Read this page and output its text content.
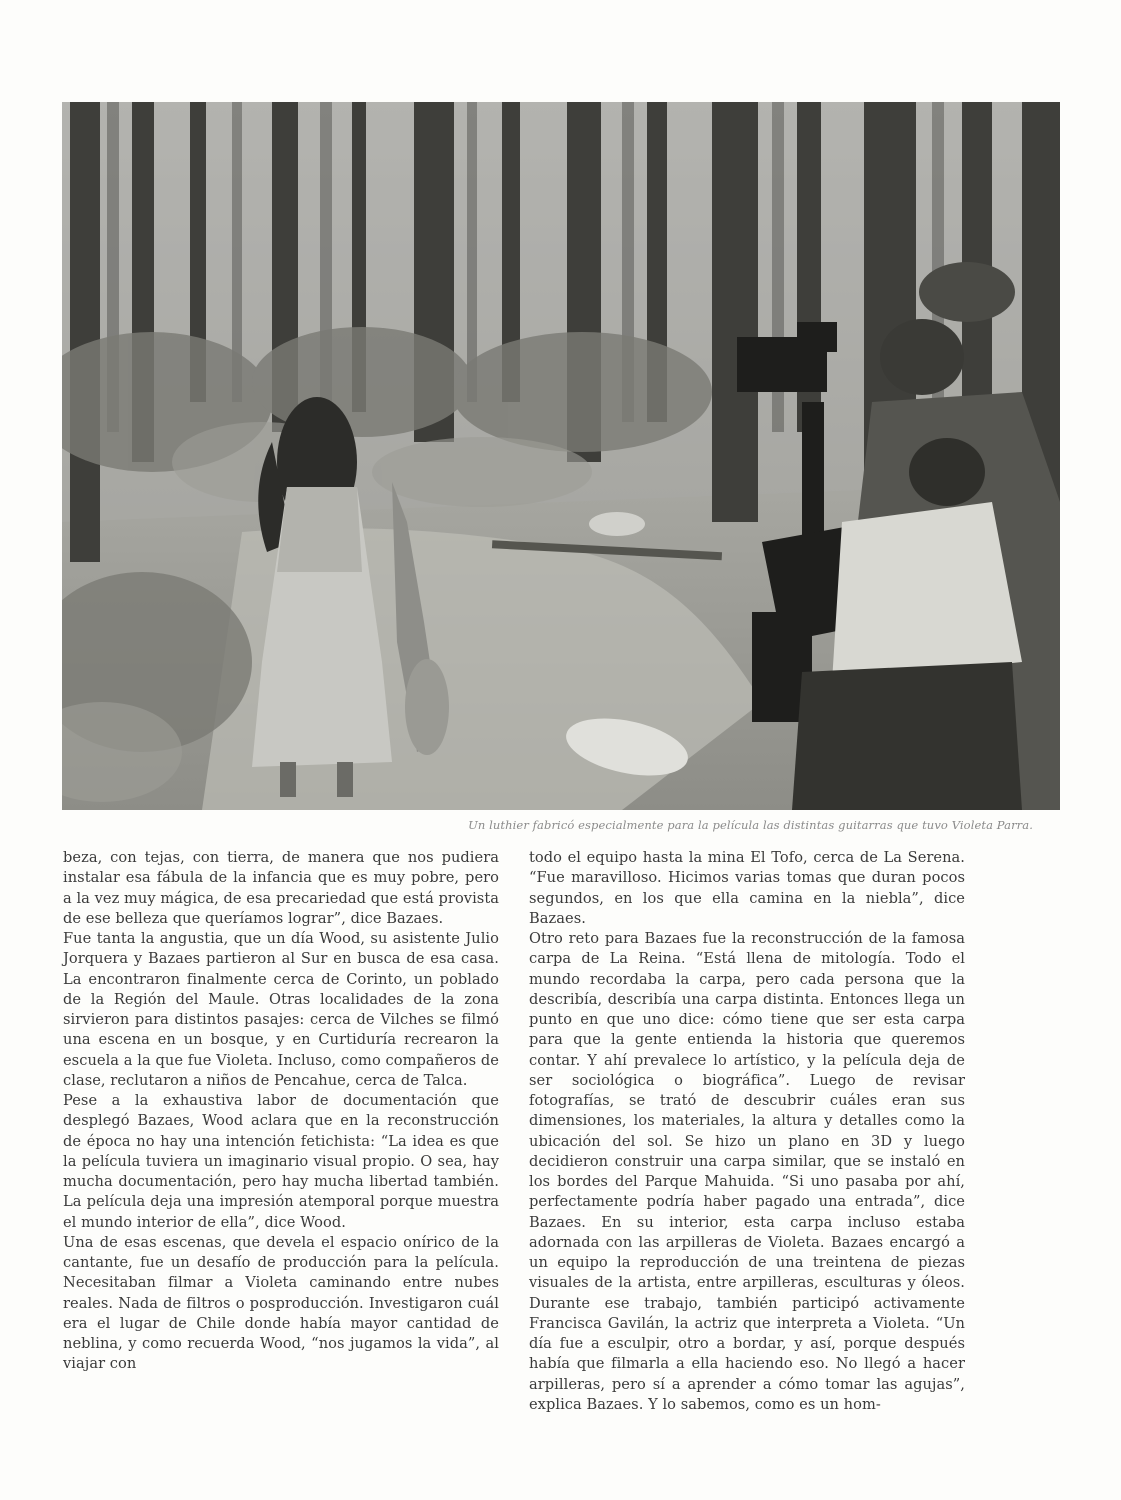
Un luthier fabricó especialmente para la película las distintas guitarras que tuvo Violeta Parra.

beza, con tejas, con tierra, de manera que nos pudiera instalar esa fábula de la infancia que es muy pobre, pero a la vez muy mágica, de esa precariedad que está provista de ese belleza que queríamos lograr”, dice Bazaes.

Fue tanta la angustia, que un día Wood, su asistente Julio Jorquera y Bazaes partieron al Sur en busca de esa casa. La encontraron finalmente cerca de Corinto, un poblado de la Región del Maule. Otras localidades de la zona sirvieron para distintos pasajes: cerca de Vilches se filmó una escena en un bosque, y en Curtiduría recrearon la escuela a la que fue Violeta. Incluso, como compañeros de clase, reclutaron a niños de Pencahue, cerca de Talca.

Pese a la exhaustiva labor de documentación que desplegó Bazaes, Wood aclara que en la reconstrucción de época no hay una intención fetichista: “La idea es que la película tuviera un imaginario visual propio. O sea, hay mucha documentación, pero hay mucha libertad también. La película deja una impresión atemporal porque muestra el mundo interior de ella”, dice Wood.

Una de esas escenas, que devela el espacio onírico de la cantante, fue un desafío de producción para la película. Necesitaban filmar a Violeta caminando entre nubes reales. Nada de filtros o posproducción. Investigaron cuál era el lugar de Chile donde había mayor cantidad de neblina, y como recuerda Wood, “nos jugamos la vida”, al viajar con

todo el equipo hasta la mina El Tofo, cerca de La Serena. “Fue maravilloso. Hicimos varias tomas que duran pocos segundos, en los que ella camina en la niebla”, dice Bazaes.

Otro reto para Bazaes fue la reconstrucción de la famosa carpa de La Reina. “Está llena de mitología. Todo el mundo recordaba la carpa, pero cada persona que la describía, describía una carpa distinta. Entonces llega un punto en que uno dice: cómo tiene que ser esta carpa para que la gente entienda la historia que queremos contar. Y ahí prevalece lo artístico, y la película deja de ser sociológica o biográfica”. Luego de revisar fotografías, se trató de descubrir cuáles eran sus dimensiones, los materiales, la altura y detalles como la ubicación del sol. Se hizo un plano en 3D y luego decidieron construir una carpa similar, que se instaló en los bordes del Parque Mahuida. “Si uno pasaba por ahí, perfectamente podría haber pagado una entrada”, dice Bazaes. En su interior, esta carpa incluso estaba adornada con las arpilleras de Violeta. Bazaes encargó a un equipo la reproducción de una treintena de piezas visuales de la artista, entre arpilleras, esculturas y óleos. Durante ese trabajo, también participó activamente Francisca Gavilán, la actriz que interpreta a Violeta. “Un día fue a esculpir, otro a bordar, y así, porque después había que filmarla a ella haciendo eso. No llegó a hacer arpilleras, pero sí a aprender a cómo tomar las agujas”, explica Bazaes. Y lo sabemos, como es un hom-
